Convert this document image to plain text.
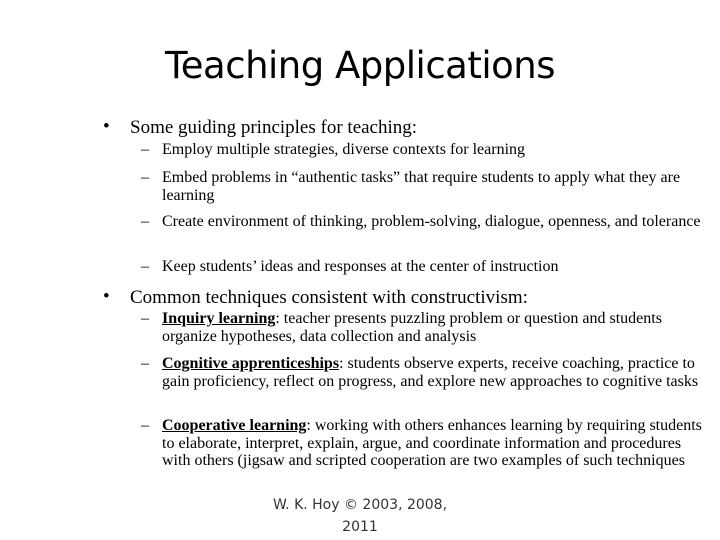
Teaching Applications
• Some guiding principles for teaching:
– Employ multiple strategies, diverse contexts for learning
– Embed problems in “authentic tasks” that require students to apply what they are learning
– Create environment of thinking, problem-solving, dialogue, openness, and tolerance
– Keep students’ ideas and responses at the center of instruction
• Common techniques consistent with constructivism:
– Inquiry learning: teacher presents puzzling problem or question and students organize hypotheses, data collection and analysis
– Cognitive apprenticeships: students observe experts, receive coaching, practice to gain proficiency, reflect on progress, and explore new approaches to cognitive tasks
– Cooperative learning: working with others enhances learning by requiring students to elaborate, interpret, explain, argue, and coordinate information and procedures with others (jigsaw and scripted cooperation are two examples of such techniques
W. K. Hoy © 2003, 2008,
2011
